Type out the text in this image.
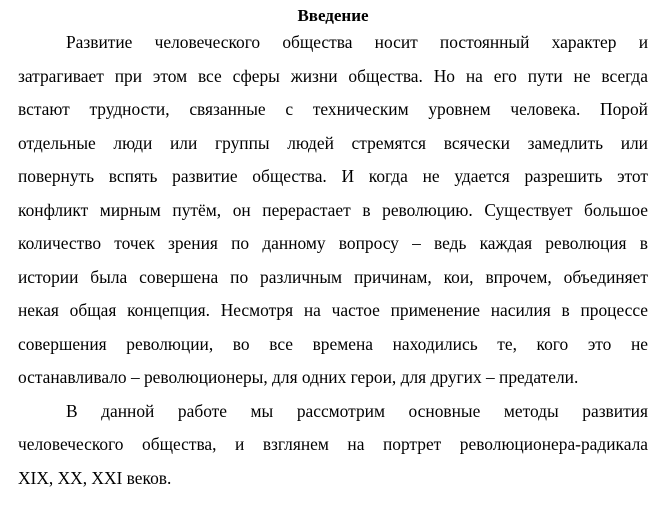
Введение
Развитие человеческого общества носит постоянный характер и
затрагивает при этом все сферы жизни общества. Но на его пути не всегда
встают трудности, связанные с техническим уровнем человека. Порой
отдельные люди или группы людей стремятся всячески замедлить или
повернуть вспять развитие общества. И когда не удается разрешить этот
конфликт мирным путём, он перерастает в революцию. Существует большое
количество точек зрения по данному вопросу – ведь каждая революция в
истории была совершена по различным причинам, кои, впрочем, объединяет
некая общая концепция. Несмотря на частое применение насилия в процессе
совершения революции, во все времена находились те, кого это не
останавливало – революционеры, для одних герои, для других – предатели.
В данной работе мы рассмотрим основные методы развития
человеческого общества, и взглянем на портрет революционера-радикала
XIX, XX, XXI веков.
